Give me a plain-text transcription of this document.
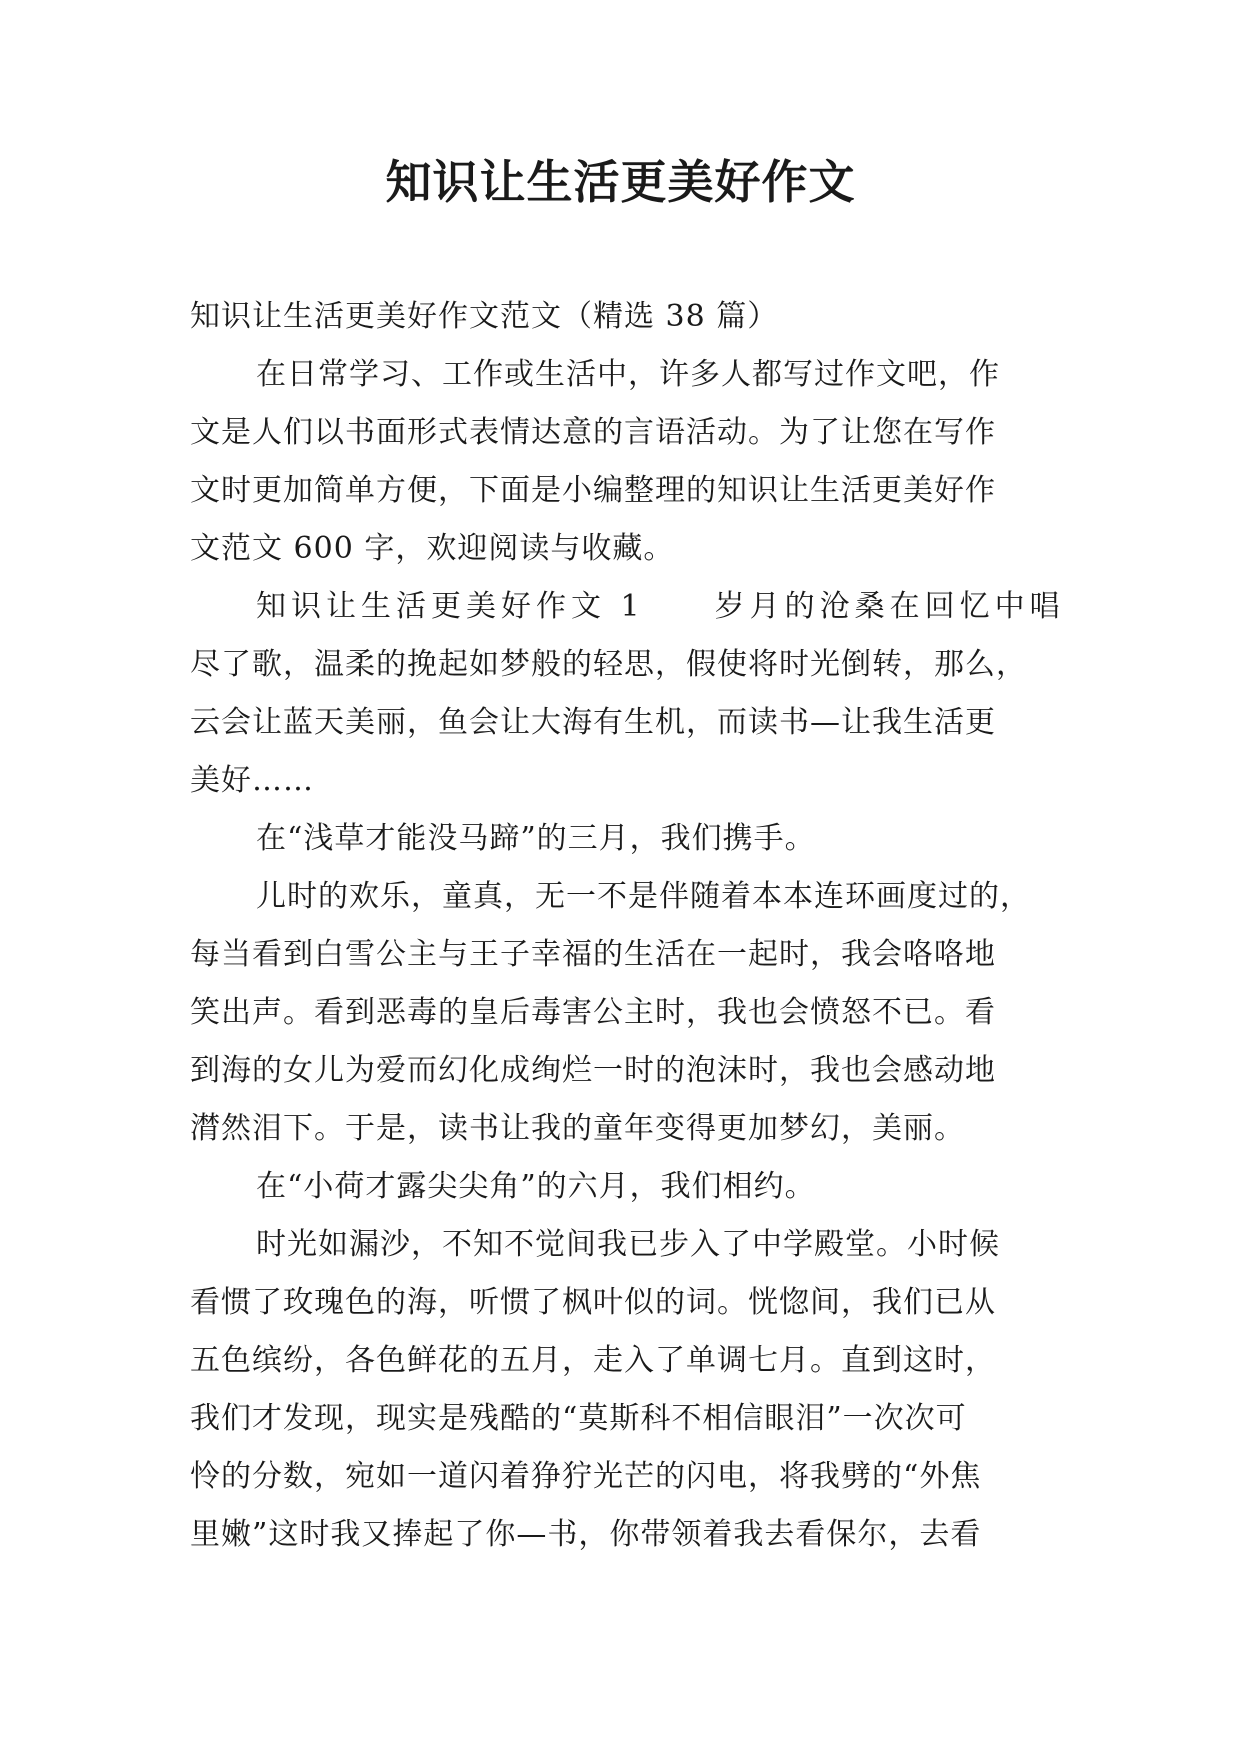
知识让生活更美好作文
知识让生活更美好作文范文（精选 38 篇）
在日常学习、工作或生活中，许多人都写过作文吧，作
文是人们以书面形式表情达意的言语活动。为了让您在写作
文时更加简单方便，下面是小编整理的知识让生活更美好作
文范文 600 字，欢迎阅读与收藏。
知识让生活更美好作文 1　　岁月的沧桑在回忆中唱
尽了歌，温柔的挽起如梦般的轻思，假使将时光倒转，那么，
云会让蓝天美丽，鱼会让大海有生机，而读书—让我生活更
美好……
在“浅草才能没马蹄”的三月，我们携手。
儿时的欢乐，童真，无一不是伴随着本本连环画度过的，
每当看到白雪公主与王子幸福的生活在一起时，我会咯咯地
笑出声。看到恶毒的皇后毒害公主时，我也会愤怒不已。看
到海的女儿为爱而幻化成绚烂一时的泡沫时，我也会感动地
潸然泪下。于是，读书让我的童年变得更加梦幻，美丽。
在“小荷才露尖尖角”的六月，我们相约。
时光如漏沙，不知不觉间我已步入了中学殿堂。小时候
看惯了玫瑰色的海，听惯了枫叶似的词。恍惚间，我们已从
五色缤纷，各色鲜花的五月，走入了单调七月。直到这时，
我们才发现，现实是残酷的“莫斯科不相信眼泪”一次次可
怜的分数，宛如一道闪着狰狞光芒的闪电，将我劈的“外焦
里嫩”这时我又捧起了你—书，你带领着我去看保尔，去看
